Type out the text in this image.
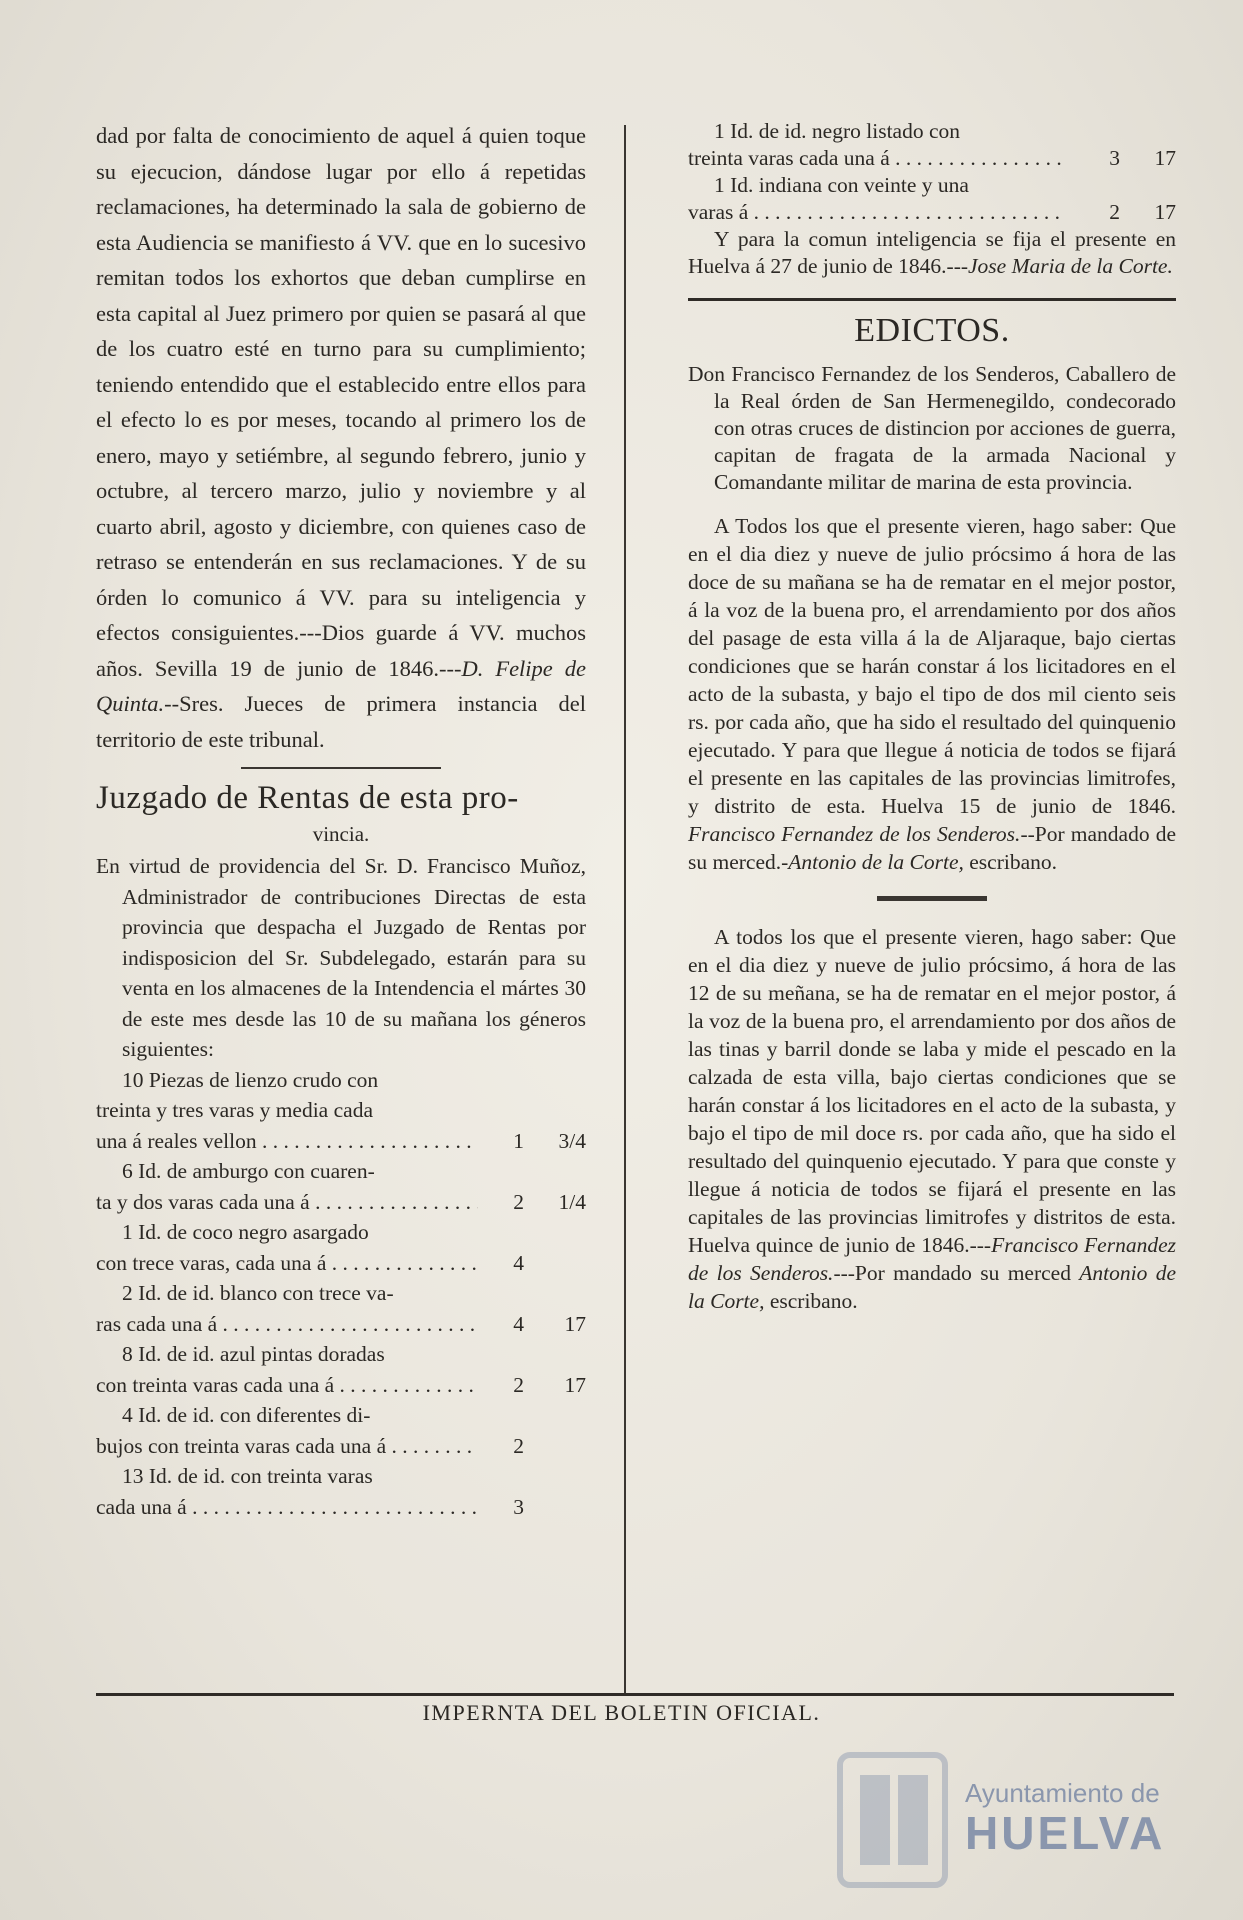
dad por falta de conocimiento de aquel á quien toque su ejecucion, dándose lugar por ello á repetidas reclamaciones, ha determinado la sala de gobierno de esta Audiencia se manifiesto á VV. que en lo sucesivo remitan todos los exhortos que deban cumplirse en esta capital al Juez primero por quien se pasará al que de los cuatro esté en turno para su cumplimiento; teniendo entendido que el establecido entre ellos para el efecto lo es por meses, tocando al primero los de enero, mayo y setiémbre, al segundo febrero, junio y octubre, al tercero marzo, julio y noviembre y al cuarto abril, agosto y diciembre, con quienes caso de retraso se entenderán en sus reclamaciones. Y de su órden lo comunico á VV. para su inteligencia y efectos consiguientes.---Dios guarde á VV. muchos años. Sevilla 19 de junio de 1846.---D. Felipe de Quinta.--Sres. Jueces de primera instancia del territorio de este tribunal.

Juzgado de Rentas de esta pro-
vincia.

En virtud de providencia del Sr. D. Francisco Muñoz, Administrador de contribuciones Directas de esta provincia que despacha el Juzgado de Rentas por indisposicion del Sr. Subdelegado, estarán para su venta en los almacenes de la Intendencia el mártes 30 de este mes desde las 10 de su mañana los géneros siguientes:

10 Piezas de lienzo crudo con
treinta y tres varas y media cada
una á reales vellon . . .	1	3/4
6 Id. de amburgo con cuaren-
ta y dos varas cada una á . . .	2	1/4
1 Id. de coco negro asargado
con trece varas, cada una á . . .	4
2 Id. de id. blanco con trece va-
ras cada una á . . .	4	17
8 Id. de id. azul pintas doradas
con treinta varas cada una á . . .	2	17
4 Id. de id. con diferentes di-
bujos con treinta varas cada una á . . .	2
13 Id. de id. con treinta varas
cada una á . . .	3
1 Id. de id. negro listado con
treinta varas cada una á . . .	3	17
1 Id. indiana con veinte y una
varas á . . .	2	17

Y para la comun inteligencia se fija el presente en Huelva á 27 de junio de 1846.---Jose Maria de la Corte.

EDICTOS.

Don Francisco Fernandez de los Senderos, Caballero de la Real órden de San Hermenegildo, condecorado con otras cruces de distincion por acciones de guerra, capitan de fragata de la armada Nacional y Comandante militar de marina de esta provincia.

A Todos los que el presente vieren, hago saber: Que en el dia diez y nueve de julio prócsimo á hora de las doce de su mañana se ha de rematar en el mejor postor, á la voz de la buena pro, el arrendamiento por dos años del pasage de esta villa á la de Aljaraque, bajo ciertas condiciones que se harán constar á los licitadores en el acto de la subasta, y bajo el tipo de dos mil ciento seis rs. por cada año, que ha sido el resultado del quinquenio ejecutado. Y para que llegue á noticia de todos se fijará el presente en las capitales de las provincias limitrofes, y distrito de esta. Huelva 15 de junio de 1846. Francisco Fernandez de los Senderos.--Por mandado de su merced.-Antonio de la Corte, escribano.

A todos los que el presente vieren, hago saber: Que en el dia diez y nueve de julio prócsimo, á hora de las 12 de su meñana, se ha de rematar en el mejor postor, á la voz de la buena pro, el arrendamiento por dos años de las tinas y barril donde se laba y mide el pescado en la calzada de esta villa, bajo ciertas condiciones que se harán constar á los licitadores en el acto de la subasta, y bajo el tipo de mil doce rs. por cada año, que ha sido el resultado del quinquenio ejecutado. Y para que conste y llegue á noticia de todos se fijará el presente en las capitales de las provincias limitrofes y distritos de esta. Huelva quince de junio de 1846.---Francisco Fernandez de los Senderos.---Por mandado su merced Antonio de la Corte, escribano.

IMPERNTA DEL BOLETIN OFICIAL.
Ayuntamiento de
HUELVA
